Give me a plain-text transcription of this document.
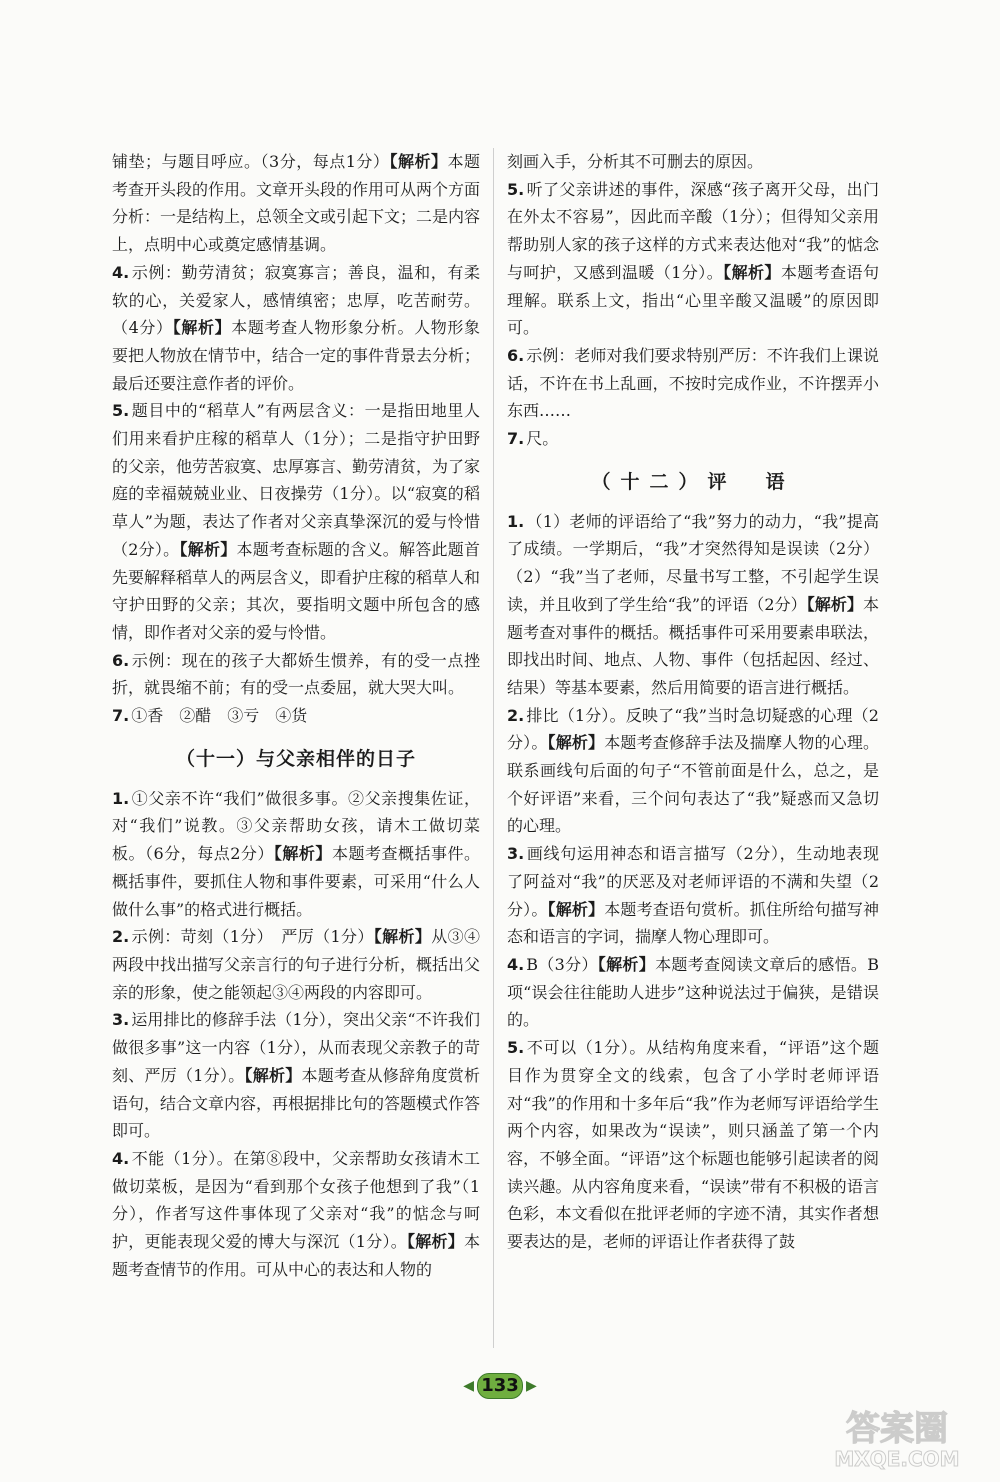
铺垫；与题目呼应。（3分，每点1分）【解析】本题考查开头段的作用。文章开头段的作用可从两个方面分析：一是结构上，总领全文或引起下文；二是内容上，点明中心或奠定感情基调。

4. 示例：勤劳清贫；寂寞寡言；善良，温和，有柔软的心，关爱家人，感情缜密；忠厚，吃苦耐劳。（4分）【解析】本题考查人物形象分析。人物形象要把人物放在情节中，结合一定的事件背景去分析；最后还要注意作者的评价。

5. 题目中的“稻草人”有两层含义：一是指田地里人们用来看护庄稼的稻草人（1分）；二是指守护田野的父亲，他劳苦寂寞、忠厚寡言、勤劳清贫，为了家庭的幸福兢兢业业、日夜操劳（1分）。以“寂寞的稻草人”为题，表达了作者对父亲真挚深沉的爱与怜惜（2分）。【解析】本题考查标题的含义。解答此题首先要解释稻草人的两层含义，即看护庄稼的稻草人和守护田野的父亲；其次，要指明文题中所包含的感情，即作者对父亲的爱与怜惜。

6. 示例：现在的孩子大都娇生惯养，有的受一点挫折，就畏缩不前；有的受一点委屈，就大哭大叫。

7. ①香　②醋　③亏　④货

（十一）与父亲相伴的日子

1. ①父亲不许“我们”做很多事。②父亲搜集佐证，对“我们”说教。③父亲帮助女孩，请木工做切菜板。（6分，每点2分）【解析】本题考查概括事件。概括事件，要抓住人物和事件要素，可采用“什么人做什么事”的格式进行概括。

2. 示例：苛刻（1分）　严厉（1分）【解析】从③④两段中找出描写父亲言行的句子进行分析，概括出父亲的形象，使之能领起③④两段的内容即可。

3. 运用排比的修辞手法（1分），突出父亲“不许我们做很多事”这一内容（1分），从而表现父亲教子的苛刻、严厉（1分）。【解析】本题考查从修辞角度赏析语句，结合文章内容，再根据排比句的答题模式作答即可。

4. 不能（1分）。在第⑧段中，父亲帮助女孩请木工做切菜板，是因为“看到那个女孩子他想到了我”（1分），作者写这件事体现了父亲对“我”的惦念与呵护，更能表现父爱的博大与深沉（1分）。【解析】本题考查情节的作用。可从中心的表达和人物的

刻画入手，分析其不可删去的原因。

5. 听了父亲讲述的事件，深感“孩子离开父母，出门在外太不容易”，因此而辛酸（1分）；但得知父亲用帮助别人家的孩子这样的方式来表达他对“我”的惦念与呵护，又感到温暖（1分）。【解析】本题考查语句理解。联系上文，指出“心里辛酸又温暖”的原因即可。

6. 示例：老师对我们要求特别严厉：不许我们上课说话，不许在书上乱画，不按时完成作业，不许摆弄小东西……

7. 尺。

（十二）评　语

1. （1）老师的评语给了“我”努力的动力，“我”提高了成绩。一学期后，“我”才突然得知是误读（2分）（2）“我”当了老师，尽量书写工整，不引起学生误读，并且收到了学生给“我”的评语（2分）【解析】本题考查对事件的概括。概括事件可采用要素串联法，即找出时间、地点、人物、事件（包括起因、经过、结果）等基本要素，然后用简要的语言进行概括。

2. 排比（1分）。反映了“我”当时急切疑惑的心理（2分）。【解析】本题考查修辞手法及揣摩人物的心理。联系画线句后面的句子“不管前面是什么，总之，是个好评语”来看，三个问句表达了“我”疑惑而又急切的心理。

3. 画线句运用神态和语言描写（2分），生动地表现了阿益对“我”的厌恶及对老师评语的不满和失望（2分）。【解析】本题考查语句赏析。抓住所给句描写神态和语言的字词，揣摩人物心理即可。

4. B（3分）【解析】本题考查阅读文章后的感悟。B项“误会往往能助人进步”这种说法过于偏狭，是错误的。

5. 不可以（1分）。从结构角度来看，“评语”这个题目作为贯穿全文的线索，包含了小学时老师评语对“我”的作用和十多年后“我”作为老师写评语给学生两个内容，如果改为“误读”，则只涵盖了第一个内容，不够全面。“评语”这个标题也能够引起读者的阅读兴趣。从内容角度来看，“误读”带有不积极的语言色彩，本文看似在批评老师的字迹不清，其实作者想要表达的是，老师的评语让作者获得了鼓

◀ 133 ▶
答案圈
MXQE.COM
